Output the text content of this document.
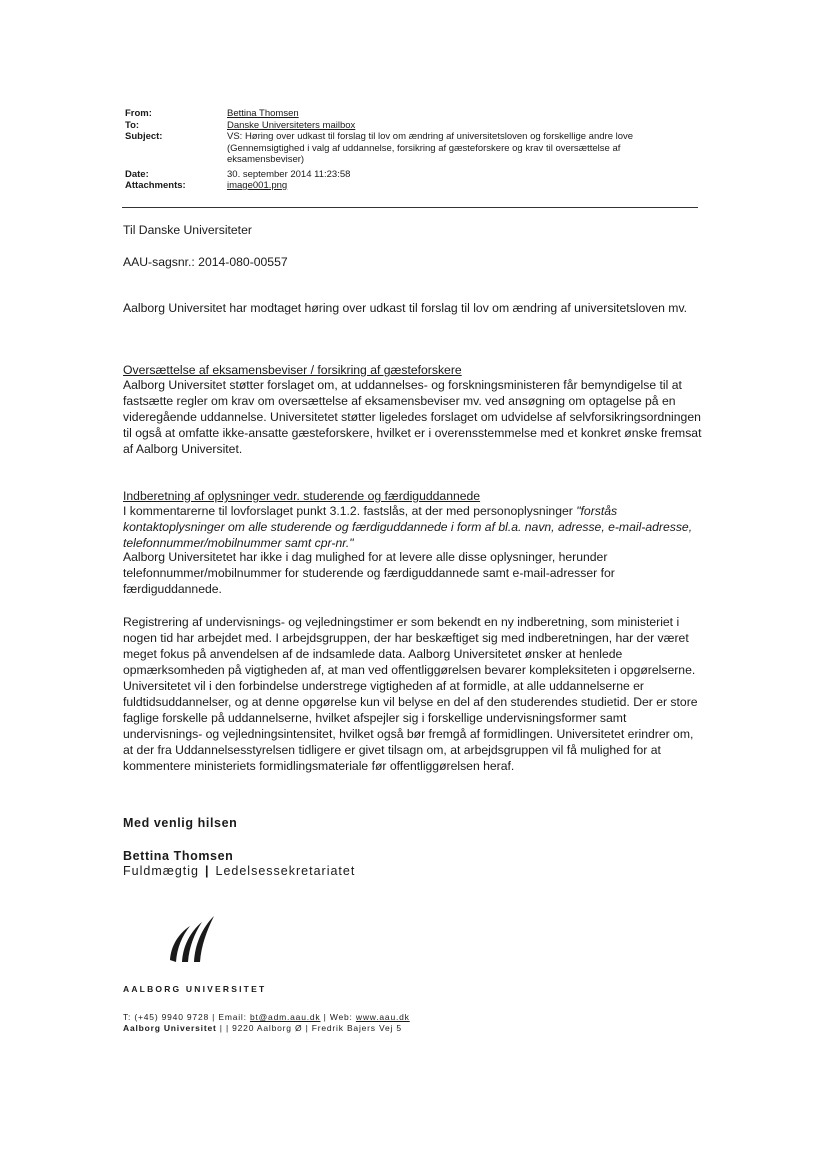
From:	Bettina Thomsen
To:	Danske Universiteters mailbox
Subject:	VS: Høring over udkast til forslag til lov om ændring af universitetsloven og forskellige andre love (Gennemsigtighed i valg af uddannelse, forsikring af gæsteforskere og krav til oversættelse af eksamensbeviser)
Date:	30. september 2014 11:23:58
Attachments:	image001.png
Til Danske Universiteter
AAU-sagsnr.: 2014-080-00557
Aalborg Universitet har modtaget høring over udkast til forslag til lov om ændring af universitetsloven mv.
Oversættelse af eksamensbeviser / forsikring af gæsteforskere
Aalborg Universitet støtter forslaget om, at uddannelses- og forskningsministeren får bemyndigelse til at fastsætte regler om krav om oversættelse af eksamensbeviser mv. ved ansøgning om optagelse på en videregående uddannelse. Universitetet støtter ligeledes forslaget om udvidelse af selvforsikringsordningen til også at omfatte ikke-ansatte gæsteforskere, hvilket er i overensstemmelse med et konkret ønske fremsat af Aalborg Universitet.
Indberetning af oplysninger vedr. studerende og færdiguddannede
I kommentarerne til lovforslaget punkt 3.1.2. fastslås, at der med personoplysninger "forstås kontaktoplysninger om alle studerende og færdiguddannede i form af bl.a. navn, adresse, e-mail-adresse, telefonnummer/mobilnummer samt cpr-nr."
Aalborg Universitetet har ikke i dag mulighed for at levere alle disse oplysninger, herunder telefonnummer/mobilnummer for studerende og færdiguddannede samt e-mail-adresser for færdiguddannede.
Registrering af undervisnings- og vejledningstimer er som bekendt en ny indberetning, som ministeriet i nogen tid har arbejdet med. I arbejdsgruppen, der har beskæftiget sig med indberetningen, har der været meget fokus på anvendelsen af de indsamlede data. Aalborg Universitetet ønsker at henlede opmærksomheden på vigtigheden af, at man ved offentliggørelsen bevarer kompleksiteten i opgørelserne. Universitetet vil i den forbindelse understrege vigtigheden af at formidle, at alle uddannelserne er fuldtidsuddannelser, og at denne opgørelse kun vil belyse en del af den studerendes studietid. Der er store faglige forskelle på uddannelserne, hvilket afspejler sig i forskellige undervisningsformer samt undervisnings- og vejledningsintensitet, hvilket også bør fremgå af formidlingen. Universitetet erindrer om, at der fra Uddannelsesstyrelsen tidligere er givet tilsagn om, at arbejdsgruppen vil få mulighed for at kommentere ministeriets formidlingsmateriale før offentliggørelsen heraf.
Med venlig hilsen
Bettina Thomsen
Fuldmægtig | Ledelsessekretariatet
AALBORG UNIVERSITET
T: (+45) 9940 9728 | Email: bt@adm.aau.dk | Web: www.aau.dk
Aalborg Universitet | | 9220 Aalborg Ø | Fredrik Bajers Vej 5
